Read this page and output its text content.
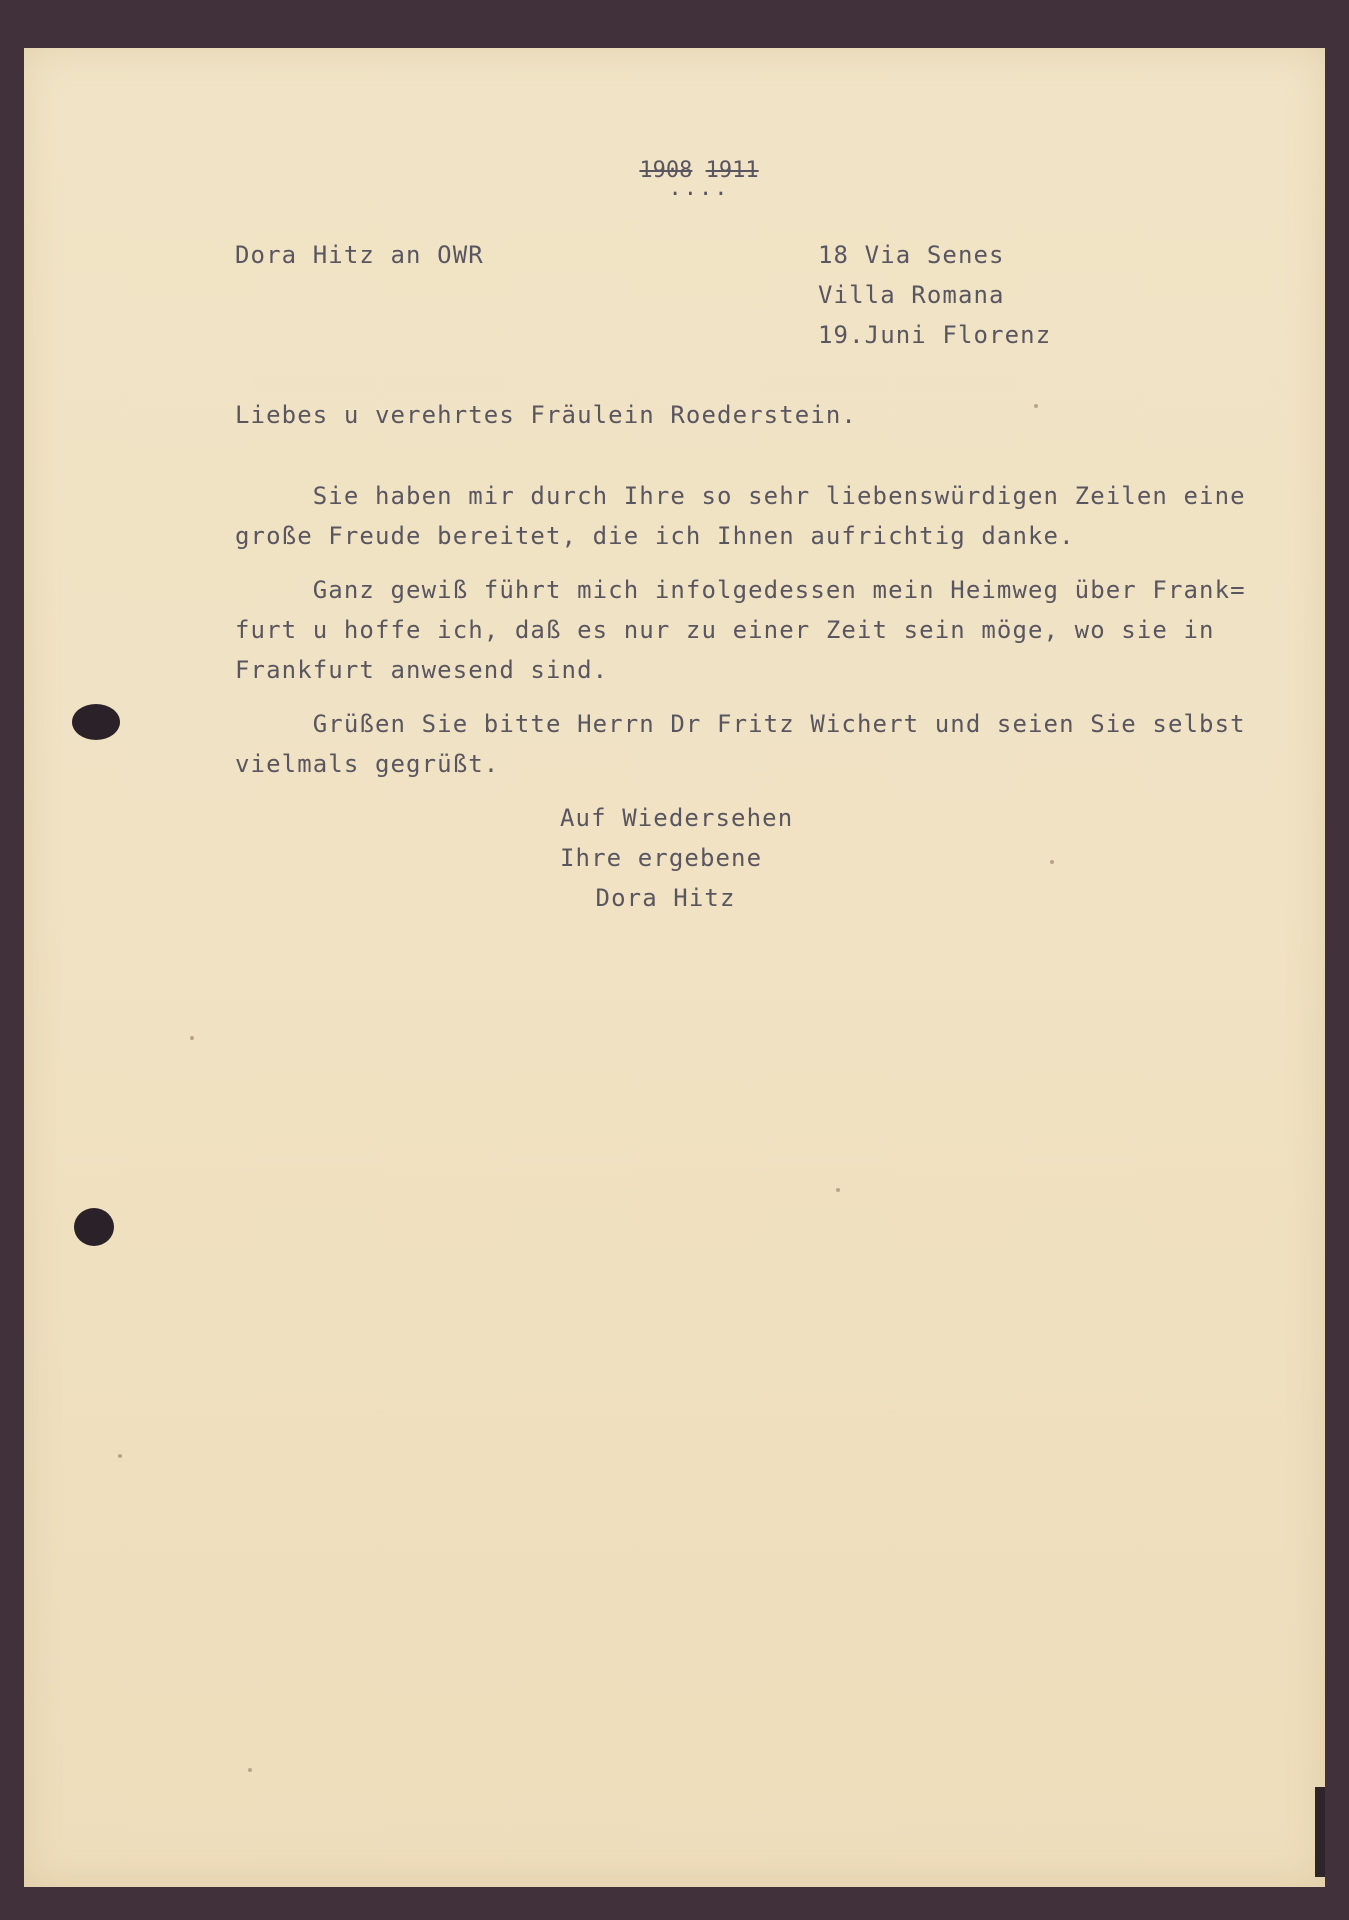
1908 1911
....
Dora Hitz an OWR	18 Via Senes
Villa Romana
19.Juni Florenz
Liebes u verehrtes Fräulein Roederstein.
Sie haben mir durch Ihre so sehr liebenswürdigen Zeilen eine
große Freude bereitet, die ich Ihnen aufrichtig danke.
Ganz gewiß führt mich infolgedessen mein Heimweg über Frank=
furt u hoffe ich, daß es nur zu einer Zeit sein möge, wo sie in
Frankfurt anwesend sind.
Grüßen Sie bitte Herrn Dr Fritz Wichert und seien Sie selbst
vielmals gegrüßt.
Auf Wiedersehen
Ihre ergebene
Dora Hitz
